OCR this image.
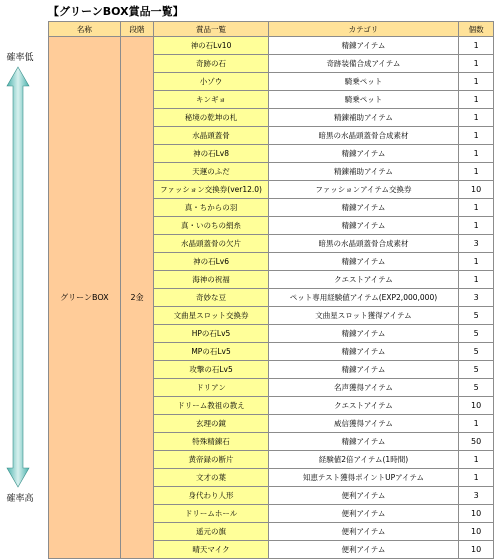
【グリーンBOX賞品一覧】
確率低
確率高
名称	段階	賞品一覧	カテゴリ	個数
グリーンBOX	2金	神の石Lv10	精錬アイテム	1
		奇跡の石	奇跡装備合成アイテム	1
		小ゾウ	騎乗ペット	1
		キンギョ	騎乗ペット	1
		秘境の乾坤の札	精錬補助アイテム	1
		水晶頭蓋骨	暗黒の水晶頭蓋骨合成素材	1
		神の石Lv8	精錬アイテム	1
		天運のふだ	精錬補助アイテム	1
		ファッション交換券(ver12.0)	ファッションアイテム交換券	10
		真・ちからの羽	精錬アイテム	1
		真・いのちの絹糸	精錬アイテム	1
		水晶頭蓋骨の欠片	暗黒の水晶頭蓋骨合成素材	3
		神の石Lv6	精錬アイテム	1
		海神の祝福	クエストアイテム	1
		奇妙な豆	ペット専用経験値アイテム(EXP2,000,000)	3
		文曲星スロット交換券	文曲星スロット獲得アイテム	5
		HPの石Lv5	精錬アイテム	5
		MPの石Lv5	精錬アイテム	5
		攻撃の石Lv5	精錬アイテム	5
		ドリアン	名声獲得アイテム	5
		ドリーム教祖の教え	クエストアイテム	10
		玄理の鏡	威信獲得アイテム	1
		特殊精錬石	精錬アイテム	50
		黄帝録の断片	経験値2倍アイテム(1時間)	1
		文才の葉	知恵テスト獲得ポイントUPアイテム	1
		身代わり人形	便利アイテム	3
		ドリームホール	便利アイテム	10
		遥元の旗	便利アイテム	10
		晴天マイク	便利アイテム	10
